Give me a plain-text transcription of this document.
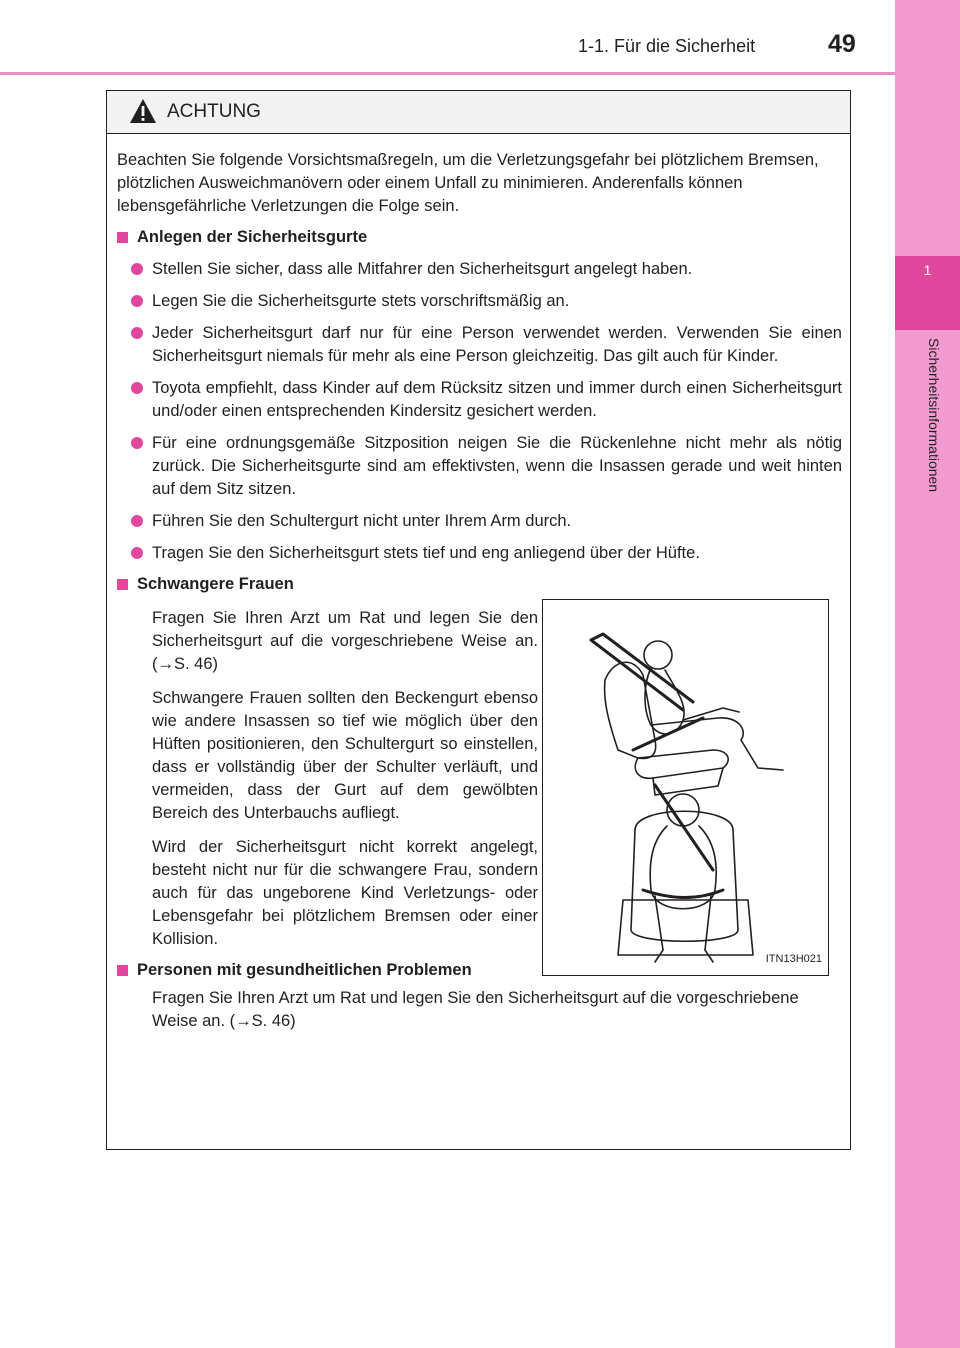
1-1. Für die Sicherheit	49
1
Sicherheitsinformationen
ACHTUNG

Beachten Sie folgende Vorsichtsmaßregeln, um die Verletzungsgefahr bei plötzlichem Bremsen, plötzlichen Ausweichmanövern oder einem Unfall zu minimieren. Anderenfalls können lebensgefährliche Verletzungen die Folge sein.

Anlegen der Sicherheitsgurte
Stellen Sie sicher, dass alle Mitfahrer den Sicherheitsgurt angelegt haben.
Legen Sie die Sicherheitsgurte stets vorschriftsmäßig an.
Jeder Sicherheitsgurt darf nur für eine Person verwendet werden. Verwenden Sie einen Sicherheitsgurt niemals für mehr als eine Person gleichzeitig. Das gilt auch für Kinder.
Toyota empfiehlt, dass Kinder auf dem Rücksitz sitzen und immer durch einen Sicherheitsgurt und/oder einen entsprechenden Kindersitz gesichert werden.
Für eine ordnungsgemäße Sitzposition neigen Sie die Rückenlehne nicht mehr als nötig zurück. Die Sicherheitsgurte sind am effektivsten, wenn die Insassen gerade und weit hinten auf dem Sitz sitzen.
Führen Sie den Schultergurt nicht unter Ihrem Arm durch.
Tragen Sie den Sicherheitsgurt stets tief und eng anliegend über der Hüfte.
Schwangere Frauen

Fragen Sie Ihren Arzt um Rat und legen Sie den Sicherheitsgurt auf die vorgeschriebene Weise an. (→S. 46)

Schwangere Frauen sollten den Beckengurt ebenso wie andere Insassen so tief wie möglich über den Hüften positionieren, den Schultergurt so einstellen, dass er vollständig über der Schulter verläuft, und vermeiden, dass der Gurt auf dem gewölbten Bereich des Unterbauchs aufliegt.

Wird der Sicherheitsgurt nicht korrekt angelegt, besteht nicht nur für die schwangere Frau, sondern auch für das ungeborene Kind Verletzungs- oder Lebensgefahr bei plötzlichem Bremsen oder einer Kollision.

ITN13H021
Personen mit gesundheitlichen Problemen
Fragen Sie Ihren Arzt um Rat und legen Sie den Sicherheitsgurt auf die vorgeschriebene Weise an. (→S. 46)
